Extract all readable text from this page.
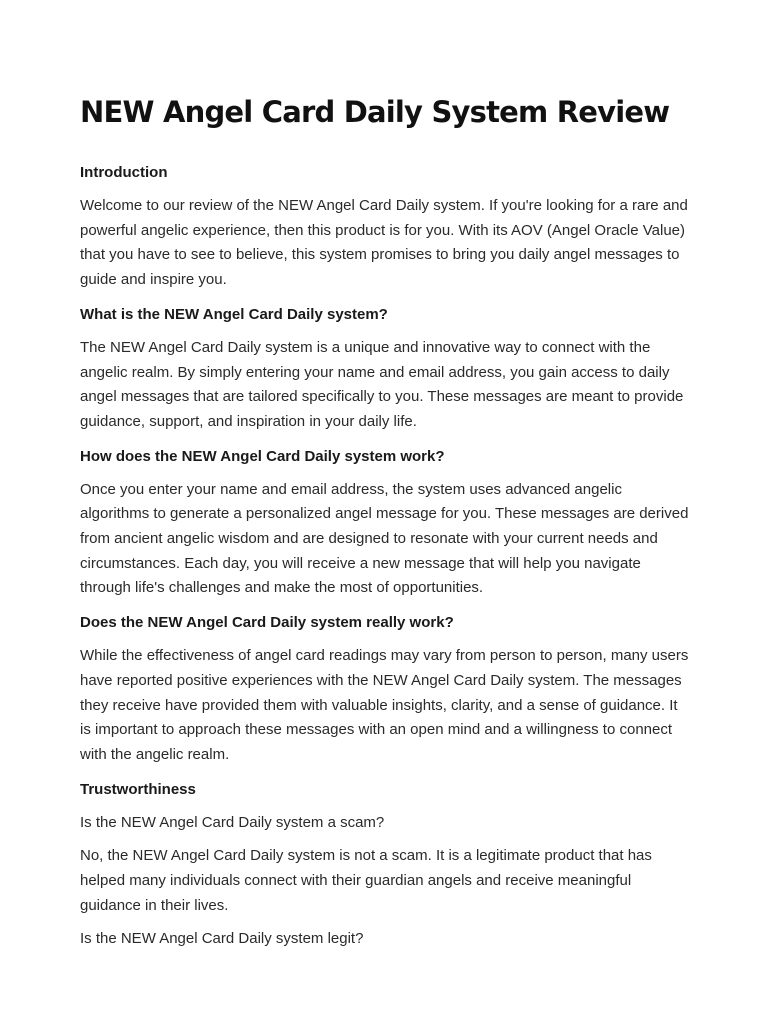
NEW Angel Card Daily System Review
Introduction

Welcome to our review of the NEW Angel Card Daily system. If you're looking for a rare and powerful angelic experience, then this product is for you. With its AOV (Angel Oracle Value) that you have to see to believe, this system promises to bring you daily angel messages to guide and inspire you.

What is the NEW Angel Card Daily system?

The NEW Angel Card Daily system is a unique and innovative way to connect with the angelic realm. By simply entering your name and email address, you gain access to daily angel messages that are tailored specifically to you. These messages are meant to provide guidance, support, and inspiration in your daily life.

How does the NEW Angel Card Daily system work?

Once you enter your name and email address, the system uses advanced angelic algorithms to generate a personalized angel message for you. These messages are derived from ancient angelic wisdom and are designed to resonate with your current needs and circumstances. Each day, you will receive a new message that will help you navigate through life's challenges and make the most of opportunities.

Does the NEW Angel Card Daily system really work?

While the effectiveness of angel card readings may vary from person to person, many users have reported positive experiences with the NEW Angel Card Daily system. The messages they receive have provided them with valuable insights, clarity, and a sense of guidance. It is important to approach these messages with an open mind and a willingness to connect with the angelic realm.

Trustworthiness

Is the NEW Angel Card Daily system a scam?

No, the NEW Angel Card Daily system is not a scam. It is a legitimate product that has helped many individuals connect with their guardian angels and receive meaningful guidance in their lives.

Is the NEW Angel Card Daily system legit?
